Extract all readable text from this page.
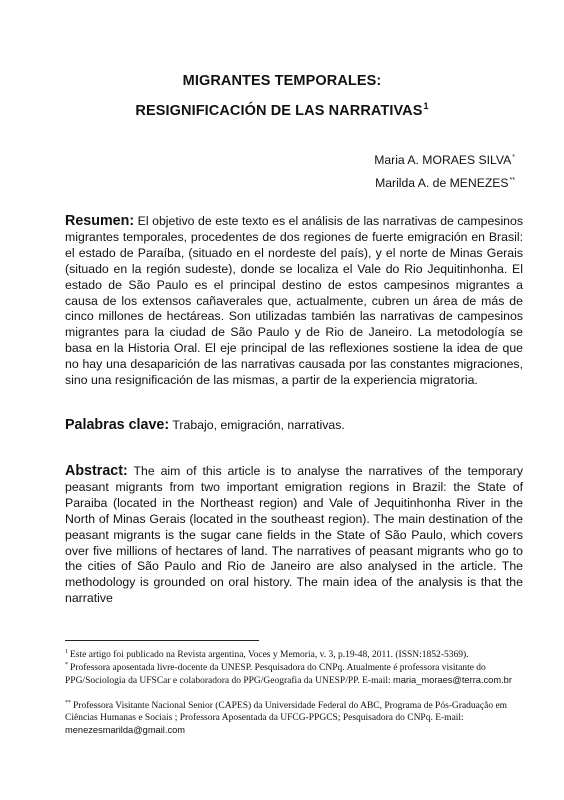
MIGRANTES TEMPORALES:
RESIGNIFICACIÓN DE LAS NARRATIVAS$^1$
Maria A. MORAES SILVA*
Marilda A. de MENEZES**
Resumen: El objetivo de este texto es el análisis de las narrativas de campesinos migrantes temporales, procedentes de dos regiones de fuerte emigración en Brasil: el estado de Paraíba, (situado en el nordeste del país), y el norte de Minas Gerais (situado en la región sudeste), donde se localiza el Vale do Rio Jequitinhonha. El estado de São Paulo es el principal destino de estos campesinos migrantes a causa de los extensos cañaverales que, actualmente, cubren un área de más de cinco millones de hectáreas. Son utilizadas también las narrativas de campesinos migrantes para la ciudad de São Paulo y de Rio de Janeiro. La metodología se basa en la Historia Oral. El eje principal de las reflexiones sostiene la idea de que no hay una desaparición de las narrativas causada por las constantes migraciones, sino una resignificación de las mismas, a partir de la experiencia migratoria.
Palabras clave: Trabajo, emigración, narrativas.
Abstract: The aim of this article is to analyse the narratives of the temporary peasant migrants from two important emigration regions in Brazil: the State of Paraiba (located in the Northeast region) and Vale of Jequitinhonha River in the North of Minas Gerais (located in the southeast region). The main destination of the peasant migrants is the sugar cane fields in the State of São Paulo, which covers over five millions of hectares of land. The narratives of peasant migrants who go to the cities of São Paulo and Rio de Janeiro are also analysed in the article. The methodology is grounded on oral history. The main idea of the analysis is that the narrative
$^1$ Este artigo foi publicado na Revista argentina, Voces y Memoria, v. 3, p.19-48, 2011. (ISSN:1852-5369).
* Professora aposentada livre-docente da UNESP. Pesquisadora do CNPq. Atualmente é professora visitante do PPG/Sociologia da UFSCar e colaboradora do PPG/Geografia da UNESP/PP. E-mail: maria_moraes@terra.com.br
** Professora Visitante Nacional Senior (CAPES) da Universidade Federal do ABC, Programa de Pós-Graduação em Ciências Humanas e Sociais ; Professora Aposentada da UFCG-PPGCS; Pesquisadora do CNPq. E-mail: menezesmarilda@gmail.com
